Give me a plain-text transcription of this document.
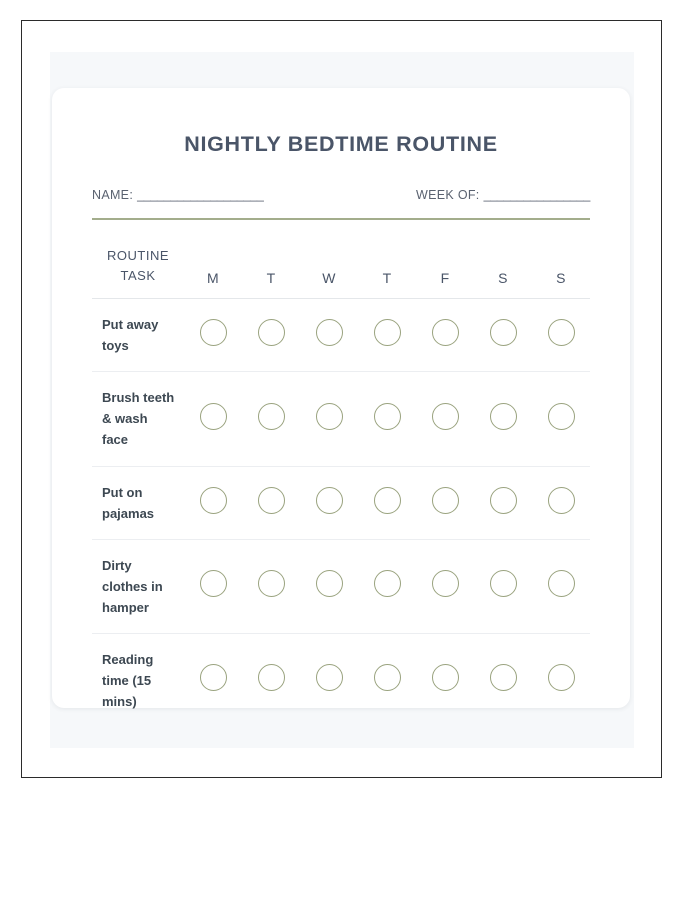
NIGHTLY BEDTIME ROUTINE
NAME: ___________________	WEEK OF: ________________
ROUTINE
TASK	M	T	W	T	F	S	S
Put away toys							
Brush teeth & wash face							
Put on pajamas							
Dirty clothes in hamper							
Reading time (15 mins)							
